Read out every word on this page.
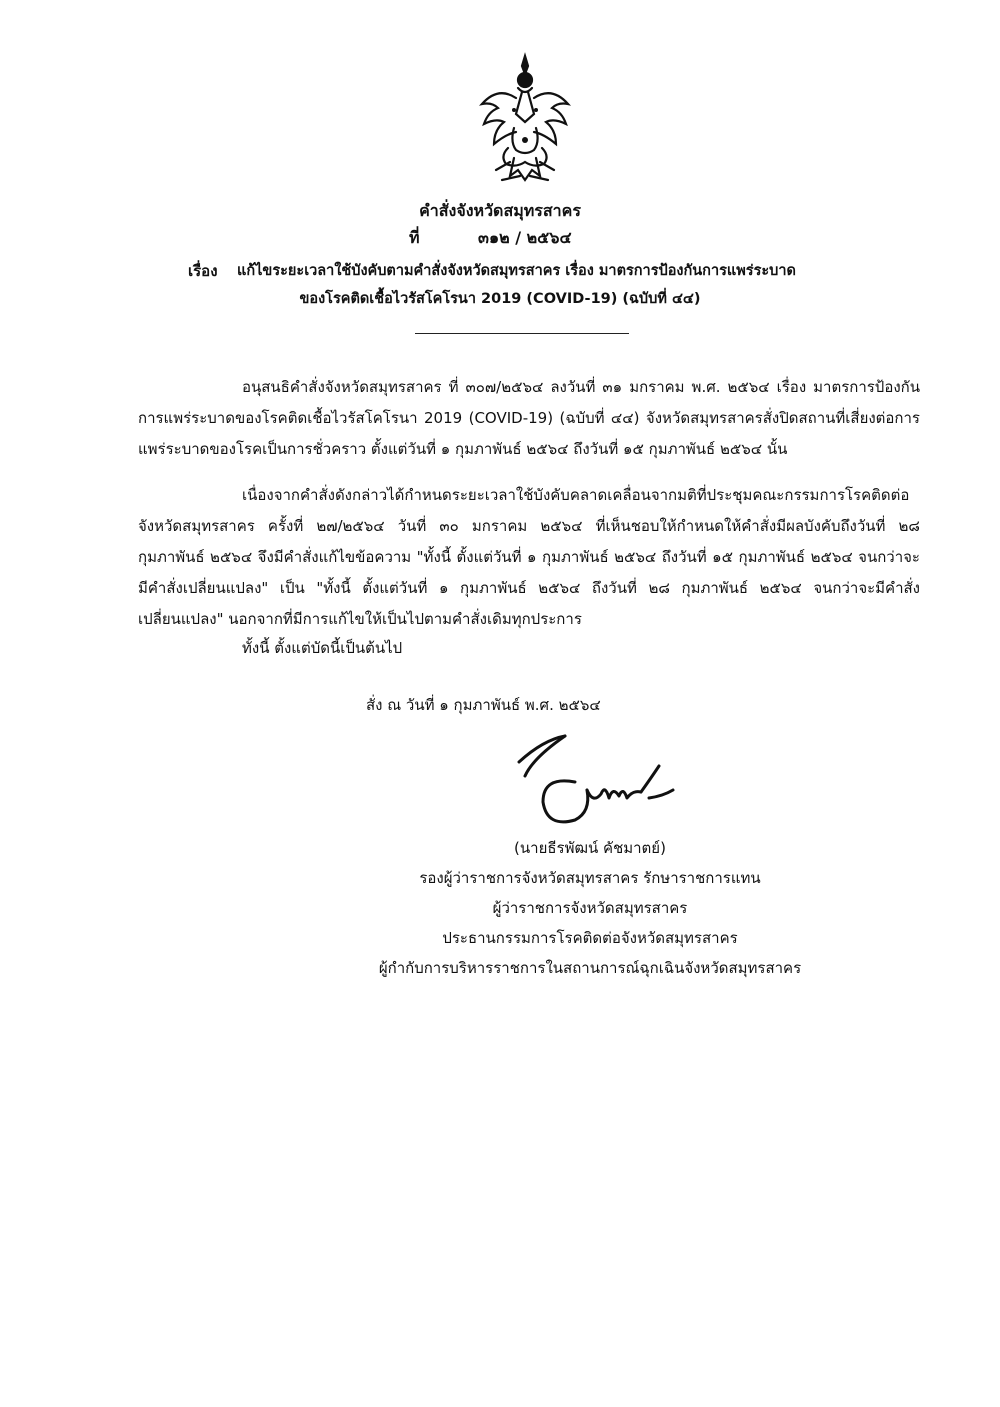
คำสั่งจังหวัดสมุทรสาคร
ที่	๓๑๒ / ๒๕๖๔
เรื่อง แก้ไขระยะเวลาใช้บังคับตามคำสั่งจังหวัดสมุทรสาคร เรื่อง มาตรการป้องกันการแพร่ระบาด
ของโรคติดเชื้อไวรัสโคโรนา 2019 (COVID-19) (ฉบับที่ ๔๔)

อนุสนธิคำสั่งจังหวัดสมุทรสาคร ที่ ๓๐๗/๒๕๖๔ ลงวันที่ ๓๑ มกราคม พ.ศ. ๒๕๖๔ เรื่อง มาตรการป้องกันการแพร่ระบาดของโรคติดเชื้อไวรัสโคโรนา 2019 (COVID-19) (ฉบับที่ ๔๔) จังหวัดสมุทรสาครสั่งปิดสถานที่เสี่ยงต่อการแพร่ระบาดของโรคเป็นการชั่วคราว ตั้งแต่วันที่ ๑ กุมภาพันธ์ ๒๕๖๔ ถึงวันที่ ๑๕ กุมภาพันธ์ ๒๕๖๔ นั้น

เนื่องจากคำสั่งดังกล่าวได้กำหนดระยะเวลาใช้บังคับคลาดเคลื่อนจากมติที่ประชุมคณะกรรมการโรคติดต่อจังหวัดสมุทรสาคร ครั้งที่ ๒๗/๒๕๖๔ วันที่ ๓๐ มกราคม ๒๕๖๔ ที่เห็นชอบให้กำหนดให้คำสั่งมีผลบังคับถึงวันที่ ๒๘ กุมภาพันธ์ ๒๕๖๔ จึงมีคำสั่งแก้ไขข้อความ "ทั้งนี้ ตั้งแต่วันที่ ๑ กุมภาพันธ์ ๒๕๖๔ ถึงวันที่ ๑๕ กุมภาพันธ์ ๒๕๖๔ จนกว่าจะมีคำสั่งเปลี่ยนแปลง" เป็น "ทั้งนี้ ตั้งแต่วันที่ ๑ กุมภาพันธ์ ๒๕๖๔ ถึงวันที่ ๒๘ กุมภาพันธ์ ๒๕๖๔ จนกว่าจะมีคำสั่งเปลี่ยนแปลง" นอกจากที่มีการแก้ไขให้เป็นไปตามคำสั่งเดิมทุกประการ

ทั้งนี้ ตั้งแต่บัดนี้เป็นต้นไป
สั่ง ณ วันที่ ๑ กุมภาพันธ์ พ.ศ. ๒๕๖๔
(นายธีรพัฒน์ คัชมาตย์)
รองผู้ว่าราชการจังหวัดสมุทรสาคร รักษาราชการแทน
ผู้ว่าราชการจังหวัดสมุทรสาคร
ประธานกรรมการโรคติดต่อจังหวัดสมุทรสาคร
ผู้กำกับการบริหารราชการในสถานการณ์ฉุกเฉินจังหวัดสมุทรสาคร
